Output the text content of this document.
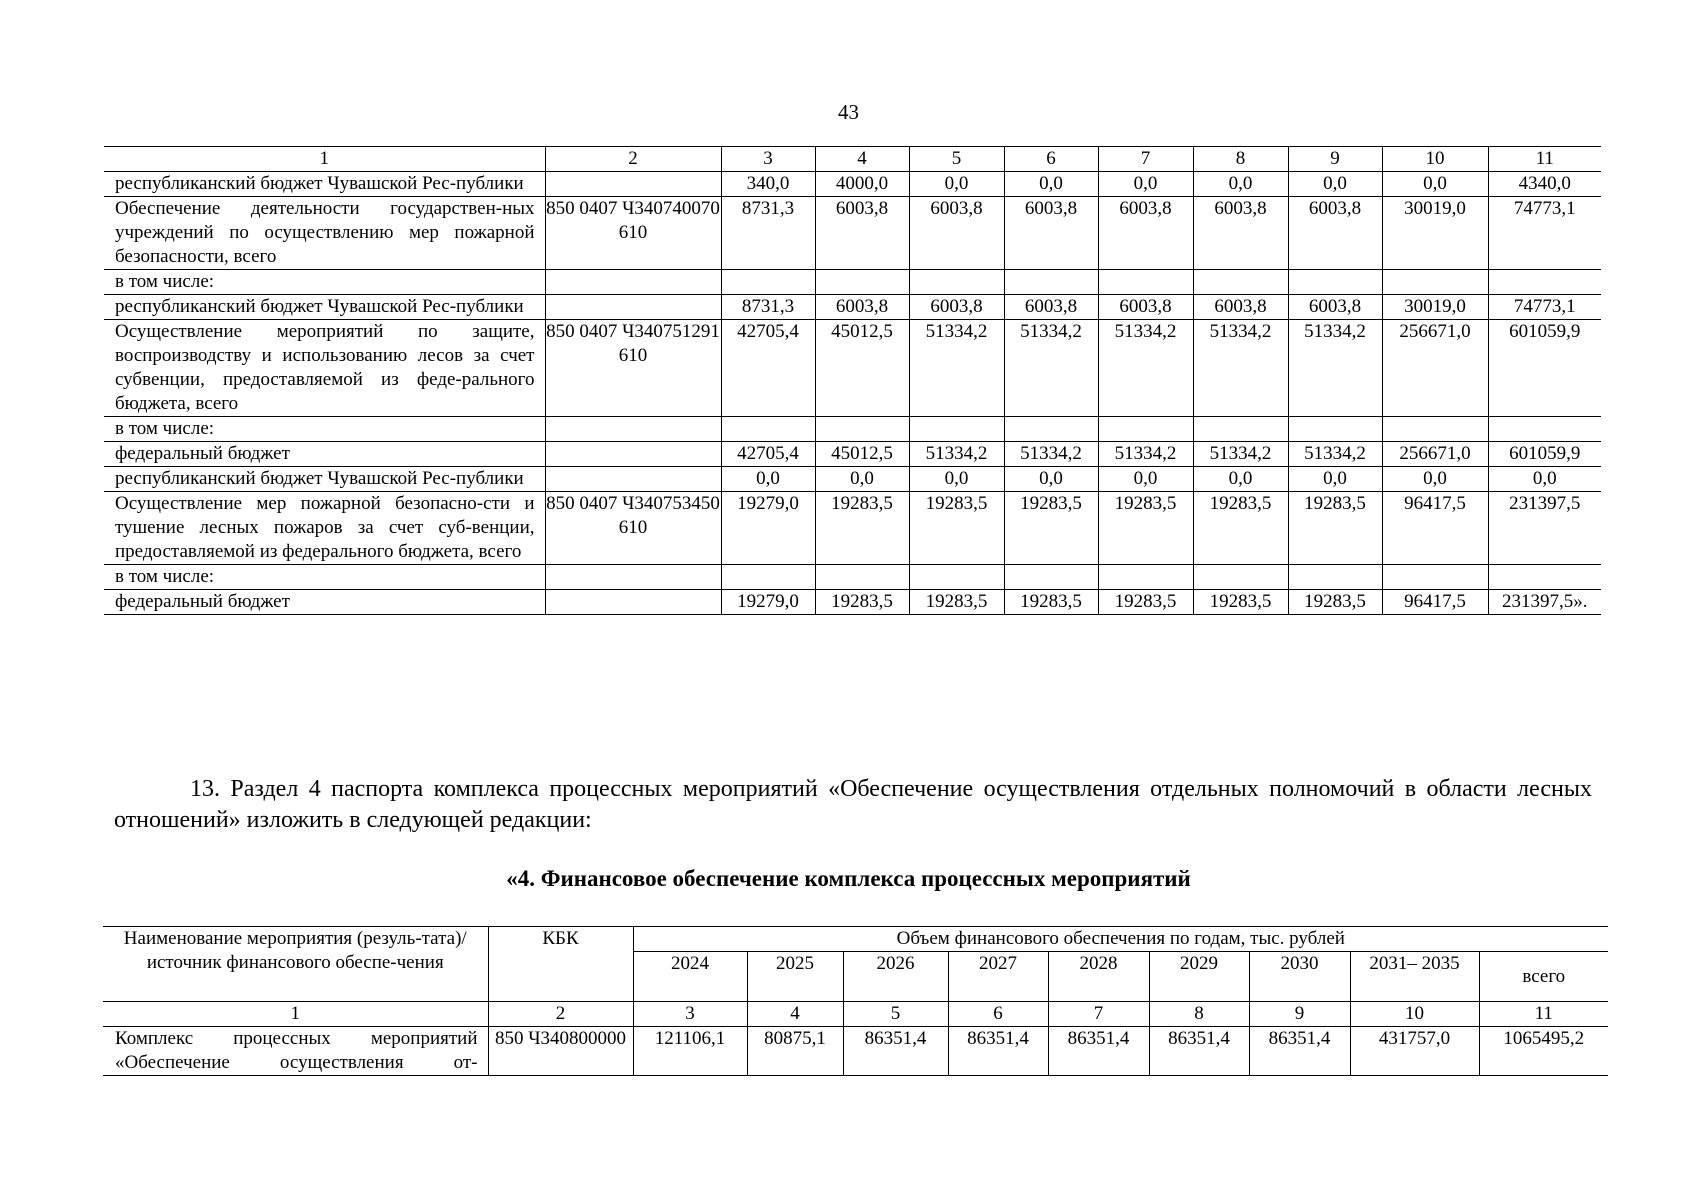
43
1	2	3	4	5	6	7	8	9	10	11
республиканский бюджет Чувашской Рес-публики		340,0	4000,0	0,0	0,0	0,0	0,0	0,0	0,0	4340,0
Обеспечение деятельности государствен-ных учреждений по осуществлению мер пожарной безопасности, всего	850 0407 Ч340740070 610	8731,3	6003,8	6003,8	6003,8	6003,8	6003,8	6003,8	30019,0	74773,1
в том числе:										
республиканский бюджет Чувашской Рес-публики		8731,3	6003,8	6003,8	6003,8	6003,8	6003,8	6003,8	30019,0	74773,1
Осуществление мероприятий по защите, воспроизводству и использованию лесов за счет субвенции, предоставляемой из феде-рального бюджета, всего	850 0407 Ч340751291 610	42705,4	45012,5	51334,2	51334,2	51334,2	51334,2	51334,2	256671,0	601059,9
в том числе:										
федеральный бюджет		42705,4	45012,5	51334,2	51334,2	51334,2	51334,2	51334,2	256671,0	601059,9
республиканский бюджет Чувашской Рес-публики		0,0	0,0	0,0	0,0	0,0	0,0	0,0	0,0	0,0
Осуществление мер пожарной безопасно-сти и тушение лесных пожаров за счет суб-венции, предоставляемой из федерального бюджета, всего	850 0407 Ч340753450 610	19279,0	19283,5	19283,5	19283,5	19283,5	19283,5	19283,5	96417,5	231397,5
в том числе:										
федеральный бюджет		19279,0	19283,5	19283,5	19283,5	19283,5	19283,5	19283,5	96417,5	231397,5».
13. Раздел 4 паспорта комплекса процессных мероприятий «Обеспечение осуществления отдельных полномочий в области лесных отношений» изложить в следующей редакции:
«4. Финансовое обеспечение комплекса процессных мероприятий
Наименование мероприятия (резуль-тата)/источник финансового обеспе-чения	КБК	Объем финансового обеспечения по годам, тыс. рублей								
		2024	2025	2026	2027	2028	2029	2030	2031– 2035	всего
1	2	3	4	5	6	7	8	9	10	11
Комплекс процессных мероприятий «Обеспечение осуществления от-	850 Ч340800000	121106,1	80875,1	86351,4	86351,4	86351,4	86351,4	86351,4	431757,0	1065495,2
